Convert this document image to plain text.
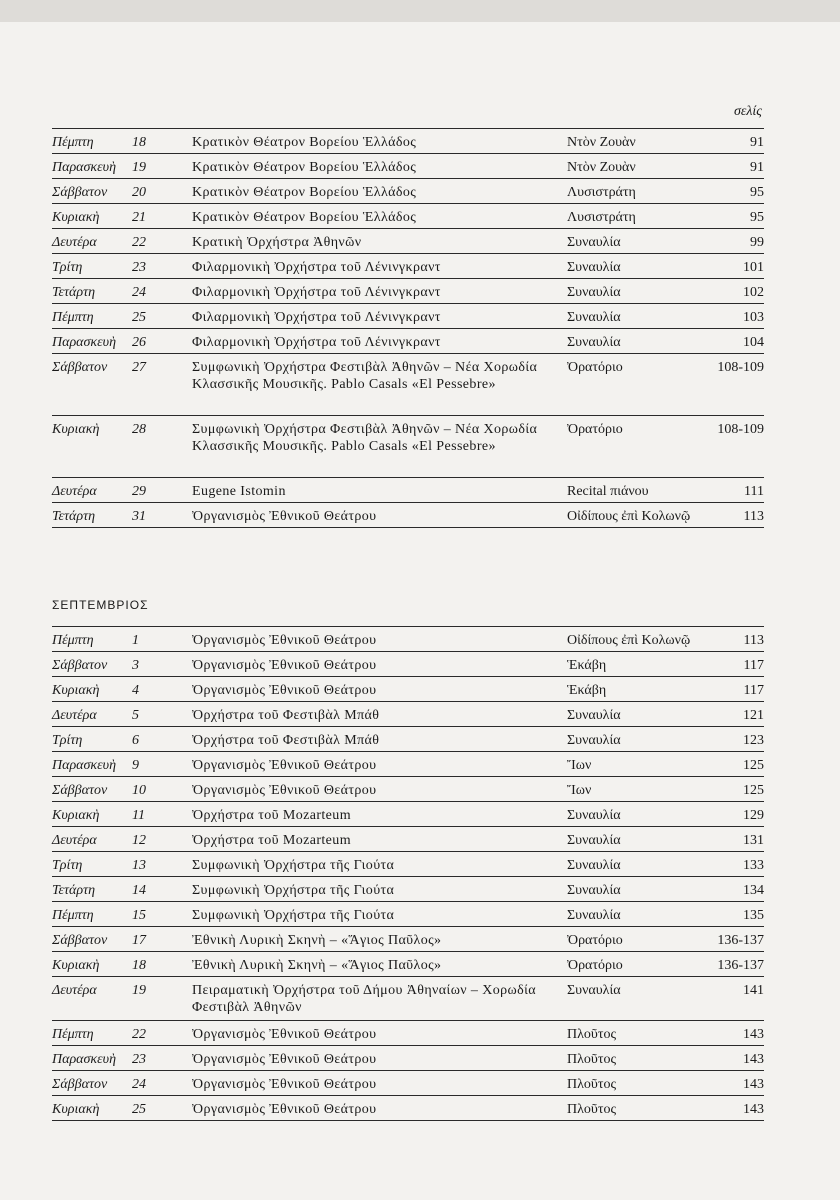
σελίς
Πέμπτη	18	Κρατικὸν Θέατρον Βορείου Ἑλλάδος	Ντὸν Ζουὰν	91
Παρασκευὴ	19	Κρατικὸν Θέατρον Βορείου Ἑλλάδος	Ντὸν Ζουὰν	91
Σάββατον	20	Κρατικὸν Θέατρον Βορείου Ἑλλάδος	Λυσιστράτη	95
Κυριακὴ	21	Κρατικὸν Θέατρον Βορείου Ἑλλάδος	Λυσιστράτη	95
Δευτέρα	22	Κρατικὴ Ὀρχήστρα Ἀθηνῶν	Συναυλία	99
Τρίτη	23	Φιλαρμονικὴ Ὀρχήστρα τοῦ Λένινγκραντ	Συναυλία	101
Τετάρτη	24	Φιλαρμονικὴ Ὀρχήστρα τοῦ Λένινγκραντ	Συναυλία	102
Πέμπτη	25	Φιλαρμονικὴ Ὀρχήστρα τοῦ Λένινγκραντ	Συναυλία	103
Παρασκευὴ	26	Φιλαρμονικὴ Ὀρχήστρα τοῦ Λένινγκραντ	Συναυλία	104
Σάββατον	27	Συμφωνικὴ Ὀρχήστρα Φεστιβὰλ Ἀθηνῶν – Νέα Χορωδία Κλασσικῆς Μουσικῆς. Pablo Casals «El Pessebre»	Ὀρατόριο	108-109
Κυριακὴ	28	Συμφωνικὴ Ὀρχήστρα Φεστιβὰλ Ἀθηνῶν – Νέα Χορωδία Κλασσικῆς Μουσικῆς. Pablo Casals «El Pessebre»	Ὀρατόριο	108-109
Δευτέρα	29	Eugene Istomin	Recital πιάνου	111
Τετάρτη	31	Ὀργανισμὸς Ἐθνικοῦ Θεάτρου	Οἰδίπους ἐπὶ Κολωνῷ	113
ΣΕΠΤΕΜΒΡΙΟΣ
Πέμπτη	1	Ὀργανισμὸς Ἐθνικοῦ Θεάτρου	Οἰδίπους ἐπὶ Κολωνῷ	113
Σάββατον	3	Ὀργανισμὸς Ἐθνικοῦ Θεάτρου	Ἑκάβη	117
Κυριακὴ	4	Ὀργανισμὸς Ἐθνικοῦ Θεάτρου	Ἑκάβη	117
Δευτέρα	5	Ὀρχήστρα τοῦ Φεστιβὰλ Μπάθ	Συναυλία	121
Τρίτη	6	Ὀρχήστρα τοῦ Φεστιβὰλ Μπάθ	Συναυλία	123
Παρασκευὴ	9	Ὀργανισμὸς Ἐθνικοῦ Θεάτρου	Ἴων	125
Σάββατον	10	Ὀργανισμὸς Ἐθνικοῦ Θεάτρου	Ἴων	125
Κυριακὴ	11	Ὀρχήστρα τοῦ Mozarteum	Συναυλία	129
Δευτέρα	12	Ὀρχήστρα τοῦ Mozarteum	Συναυλία	131
Τρίτη	13	Συμφωνικὴ Ὀρχήστρα τῆς Γιούτα	Συναυλία	133
Τετάρτη	14	Συμφωνικὴ Ὀρχήστρα τῆς Γιούτα	Συναυλία	134
Πέμπτη	15	Συμφωνικὴ Ὀρχήστρα τῆς Γιούτα	Συναυλία	135
Σάββατον	17	Ἐθνικὴ Λυρικὴ Σκηνὴ – «Ἅγιος Παῦλος»	Ὀρατόριο	136-137
Κυριακὴ	18	Ἐθνικὴ Λυρικὴ Σκηνὴ – «Ἅγιος Παῦλος»	Ὀρατόριο	136-137
Δευτέρα	19	Πειραματικὴ Ὀρχήστρα τοῦ Δήμου Ἀθηναίων – Χορωδία Φεστιβὰλ Ἀθηνῶν	Συναυλία	141
Πέμπτη	22	Ὀργανισμὸς Ἐθνικοῦ Θεάτρου	Πλοῦτος	143
Παρασκευὴ	23	Ὀργανισμὸς Ἐθνικοῦ Θεάτρου	Πλοῦτος	143
Σάββατον	24	Ὀργανισμὸς Ἐθνικοῦ Θεάτρου	Πλοῦτος	143
Κυριακὴ	25	Ὀργανισμὸς Ἐθνικοῦ Θεάτρου	Πλοῦτος	143
